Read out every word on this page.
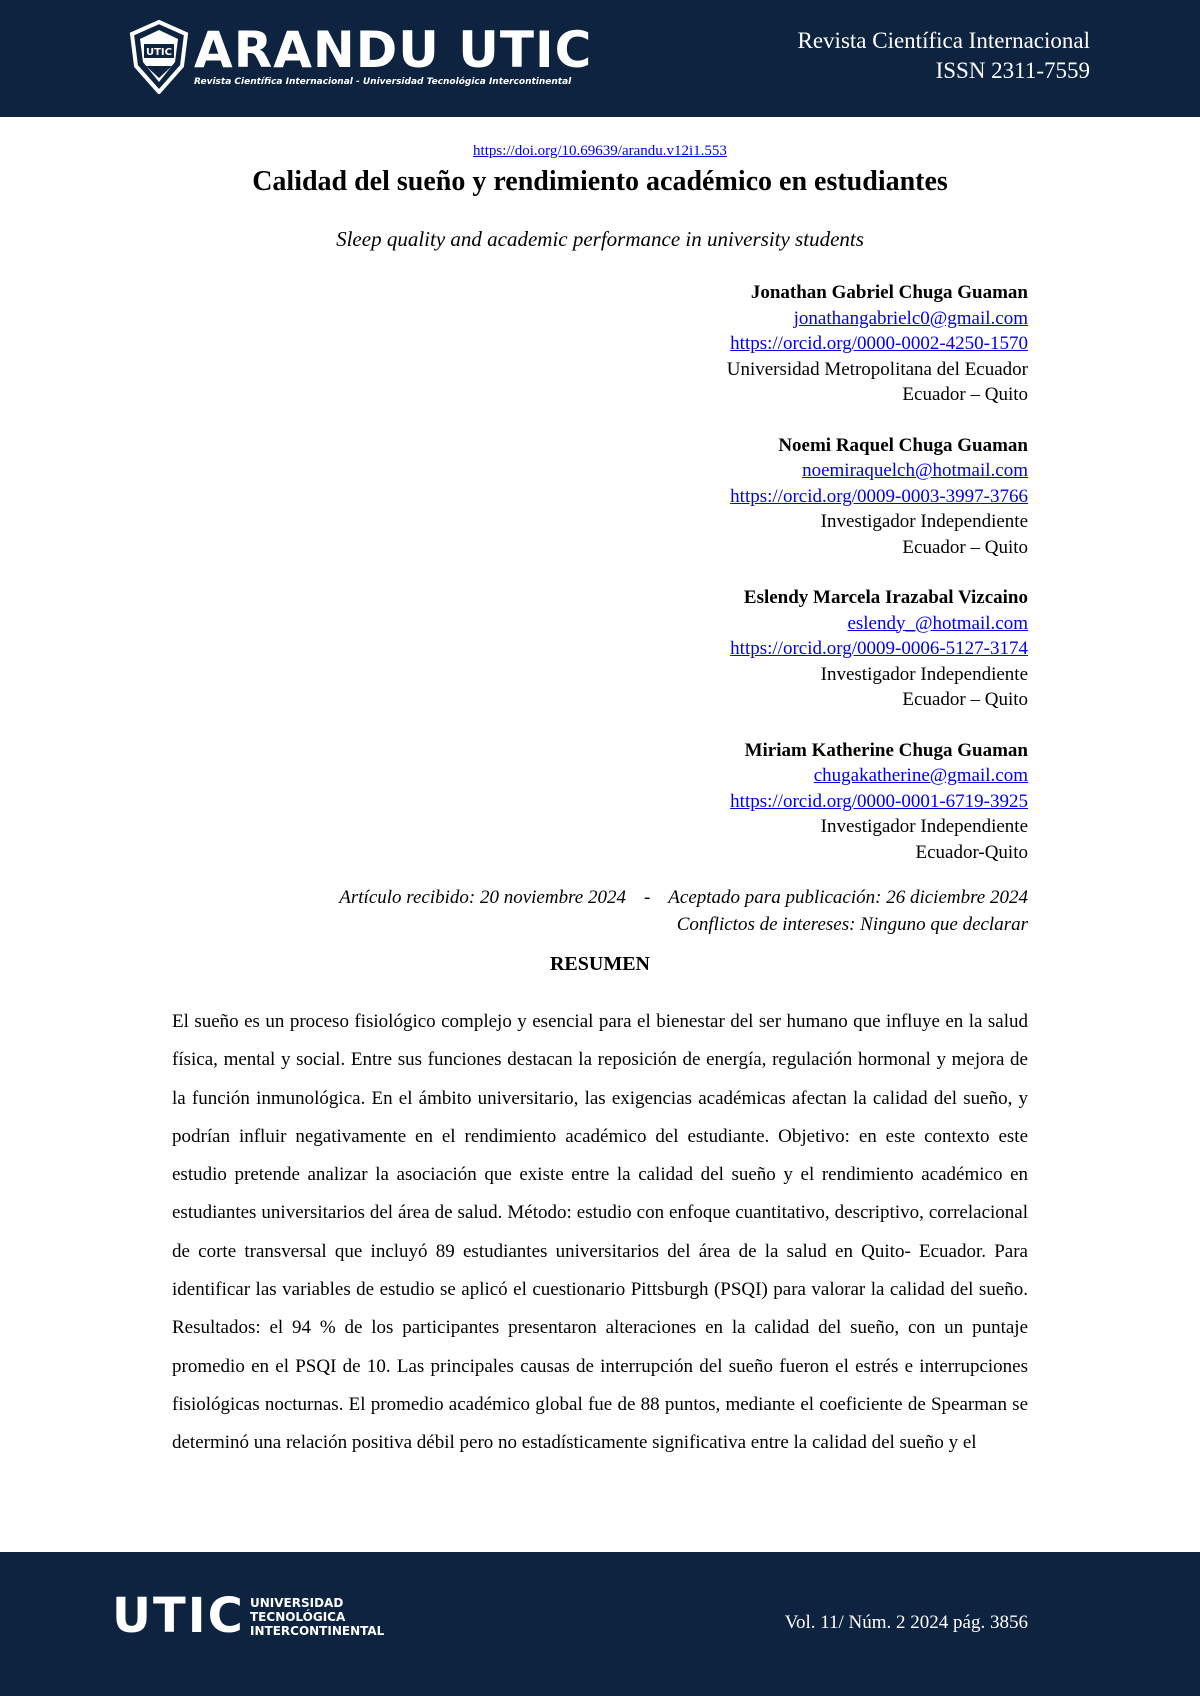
UTIC ARANDU UTIC
Revista Científica Internacional - Universidad Tecnológica Intercontinental
Revista Científica Internacional
ISSN 2311-7559
https://doi.org/10.69639/arandu.v12i1.553
Calidad del sueño y rendimiento académico en estudiantes
Sleep quality and academic performance in university students
Jonathan Gabriel Chuga Guaman
jonathangabrielc0@gmail.com
https://orcid.org/0000-0002-4250-1570
Universidad Metropolitana del Ecuador
Ecuador – Quito
Noemi Raquel Chuga Guaman
noemiraquelch@hotmail.com
https://orcid.org/0009-0003-3997-3766
Investigador Independiente
Ecuador – Quito
Eslendy Marcela Irazabal Vizcaino
eslendy_@hotmail.com
https://orcid.org/0009-0006-5127-3174
Investigador Independiente
Ecuador – Quito
Miriam Katherine Chuga Guaman
chugakatherine@gmail.com
https://orcid.org/0000-0001-6719-3925
Investigador Independiente
Ecuador-Quito
Artículo recibido: 20 noviembre 2024 - Aceptado para publicación: 26 diciembre 2024
Conflictos de intereses: Ninguno que declarar
RESUMEN

El sueño es un proceso fisiológico complejo y esencial para el bienestar del ser humano que influye en la salud física, mental y social. Entre sus funciones destacan la reposición de energía, regulación hormonal y mejora de la función inmunológica. En el ámbito universitario, las exigencias académicas afectan la calidad del sueño, y podrían influir negativamente en el rendimiento académico del estudiante. Objetivo: en este contexto este estudio pretende analizar la asociación que existe entre la calidad del sueño y el rendimiento académico en estudiantes universitarios del área de salud. Método: estudio con enfoque cuantitativo, descriptivo, correlacional de corte transversal que incluyó 89 estudiantes universitarios del área de la salud en Quito- Ecuador. Para identificar las variables de estudio se aplicó el cuestionario Pittsburgh (PSQI) para valorar la calidad del sueño. Resultados: el 94 % de los participantes presentaron alteraciones en la calidad del sueño, con un puntaje promedio en el PSQI de 10. Las principales causas de interrupción del sueño fueron el estrés e interrupciones fisiológicas nocturnas. El promedio académico global fue de 88 puntos, mediante el coeficiente de Spearman se determinó una relación positiva débil pero no estadísticamente significativa entre la calidad del sueño y el

UTIC UNIVERSIDAD
TECNOLÓGICA
INTERCONTINENTAL	Vol. 11/ Núm. 2 2024 pág. 3856
